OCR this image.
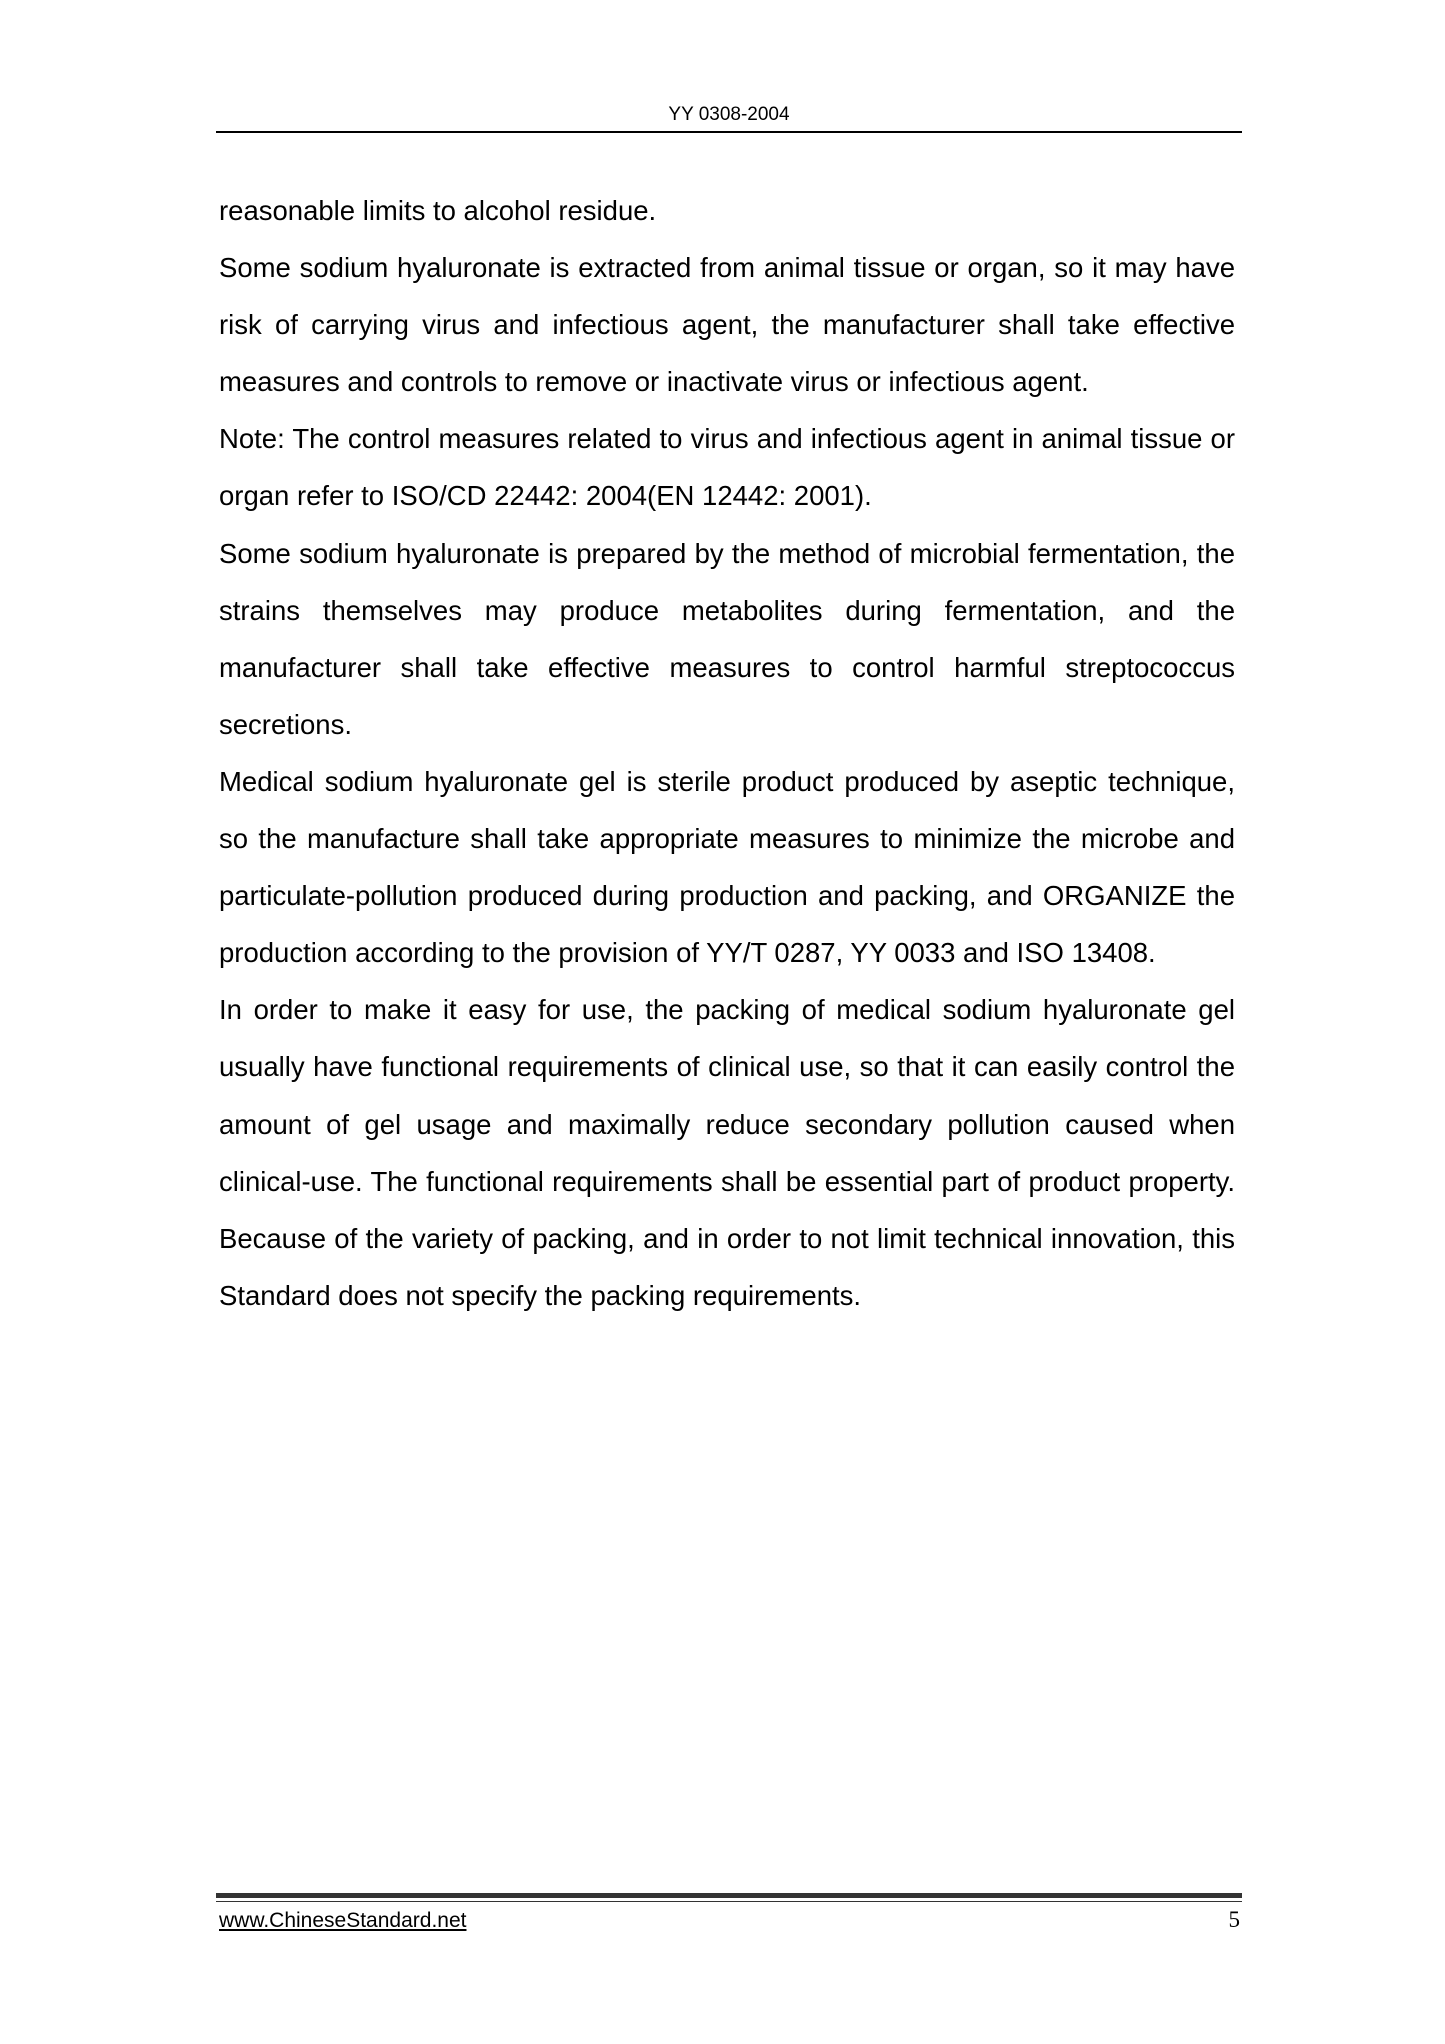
YY 0308-2004

reasonable limits to alcohol residue.

Some sodium hyaluronate is extracted from animal tissue or organ, so it may have risk of carrying virus and infectious agent, the manufacturer shall take effective measures and controls to remove or inactivate virus or infectious agent.

Note: The control measures related to virus and infectious agent in animal tissue or organ refer to ISO/CD 22442: 2004(EN 12442: 2001).

Some sodium hyaluronate is prepared by the method of microbial fermentation, the strains themselves may produce metabolites during fermentation, and the manufacturer shall take effective measures to control harmful streptococcus secretions.

Medical sodium hyaluronate gel is sterile product produced by aseptic technique, so the manufacture shall take appropriate measures to minimize the microbe and particulate-pollution produced during production and packing, and ORGANIZE the production according to the provision of YY/T 0287, YY 0033 and ISO 13408.

In order to make it easy for use, the packing of medical sodium hyaluronate gel usually have functional requirements of clinical use, so that it can easily control the amount of gel usage and maximally reduce secondary pollution caused when clinical-use. The functional requirements shall be essential part of product property. Because of the variety of packing, and in order to not limit technical innovation, this Standard does not specify the packing requirements.

www.ChineseStandard.net	5
